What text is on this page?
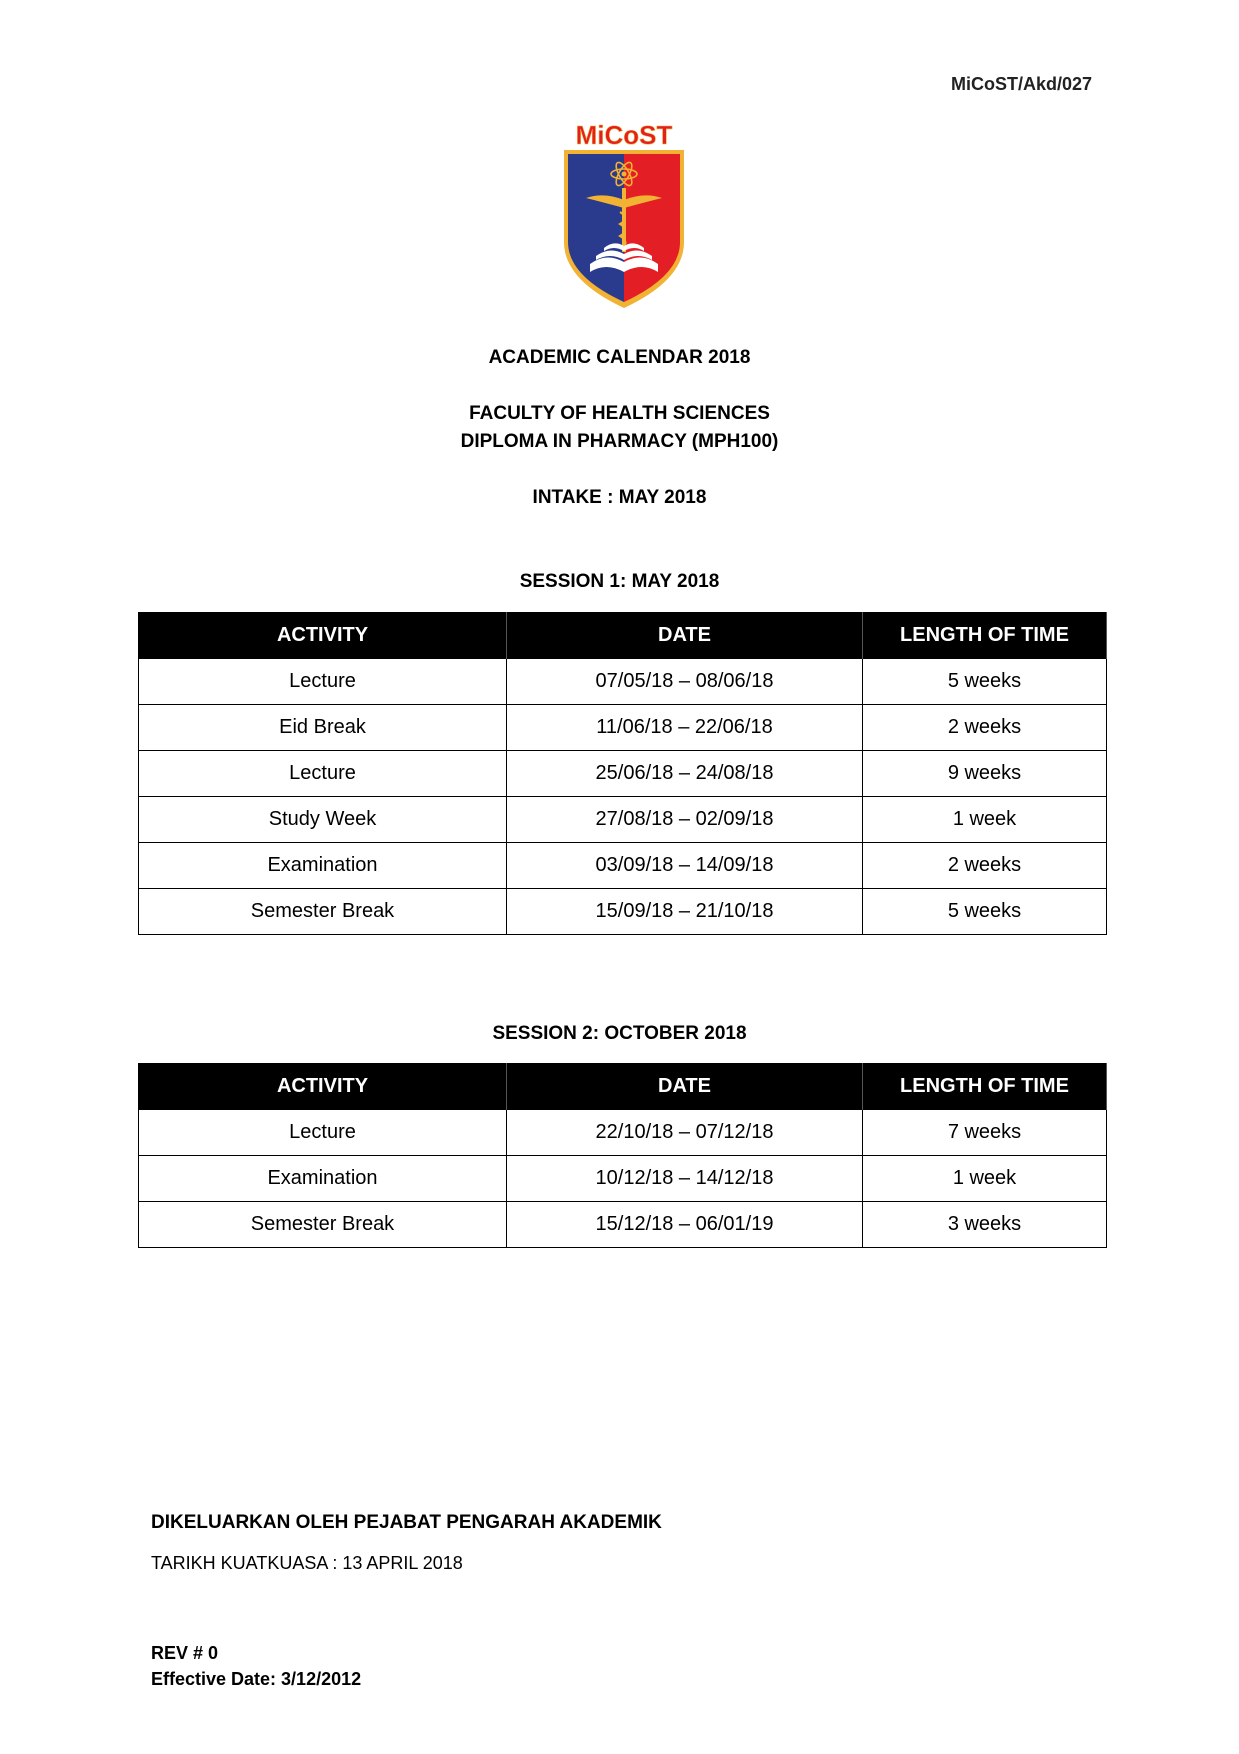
MiCoST/Akd/027
MiCoST
ACADEMIC CALENDAR 2018
FACULTY OF HEALTH SCIENCES
DIPLOMA IN PHARMACY (MPH100)
INTAKE : MAY 2018
SESSION 1: MAY 2018
ACTIVITY	DATE	LENGTH OF TIME
Lecture	07/05/18 – 08/06/18	5 weeks
Eid Break	11/06/18 – 22/06/18	2 weeks
Lecture	25/06/18 – 24/08/18	9 weeks
Study Week	27/08/18 – 02/09/18	1 week
Examination	03/09/18 – 14/09/18	2 weeks
Semester Break	15/09/18 – 21/10/18	5 weeks
SESSION 2: OCTOBER 2018
ACTIVITY	DATE	LENGTH OF TIME
Lecture	22/10/18 – 07/12/18	7 weeks
Examination	10/12/18 – 14/12/18	1 week
Semester Break	15/12/18 – 06/01/19	3 weeks
DIKELUARKAN OLEH PEJABAT PENGARAH AKADEMIK
TARIKH KUATKUASA : 13 APRIL 2018
REV # 0
Effective Date: 3/12/2012
